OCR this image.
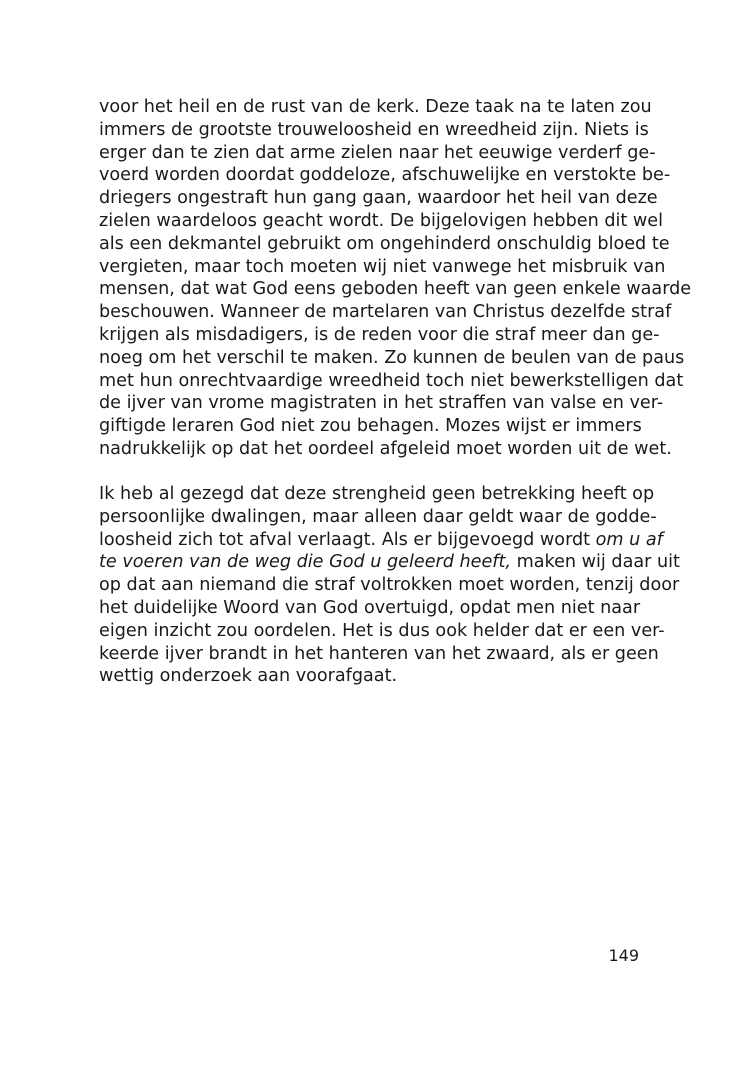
voor het heil en de rust van de kerk. Deze taak na te laten zou
immers de grootste trouweloosheid en wreedheid zijn. Niets is
erger dan te zien dat arme zielen naar het eeuwige verderf ge-
voerd worden doordat goddeloze, afschuwelijke en verstokte be-
driegers ongestraft hun gang gaan, waardoor het heil van deze
zielen waardeloos geacht wordt. De bijgelovigen hebben dit wel
als een dekmantel gebruikt om ongehinderd onschuldig bloed te
vergieten, maar toch moeten wij niet vanwege het misbruik van
mensen, dat wat God eens geboden heeft van geen enkele waarde
beschouwen. Wanneer de martelaren van Christus dezelfde straf
krijgen als misdadigers, is de reden voor die straf meer dan ge-
noeg om het verschil te maken. Zo kunnen de beulen van de paus
met hun onrechtvaardige wreedheid toch niet bewerkstelligen dat
de ijver van vrome magistraten in het straffen van valse en ver-
giftigde leraren God niet zou behagen. Mozes wijst er immers
nadrukkelijk op dat het oordeel afgeleid moet worden uit de wet.
Ik heb al gezegd dat deze strengheid geen betrekking heeft op
persoonlijke dwalingen, maar alleen daar geldt waar de godde-
loosheid zich tot afval verlaagt. Als er bijgevoegd wordt om u af
te voeren van de weg die God u geleerd heeft, maken wij daar uit
op dat aan niemand die straf voltrokken moet worden, tenzij door
het duidelijke Woord van God overtuigd, opdat men niet naar
eigen inzicht zou oordelen. Het is dus ook helder dat er een ver-
keerde ijver brandt in het hanteren van het zwaard, als er geen
wettig onderzoek aan voorafgaat.
149
